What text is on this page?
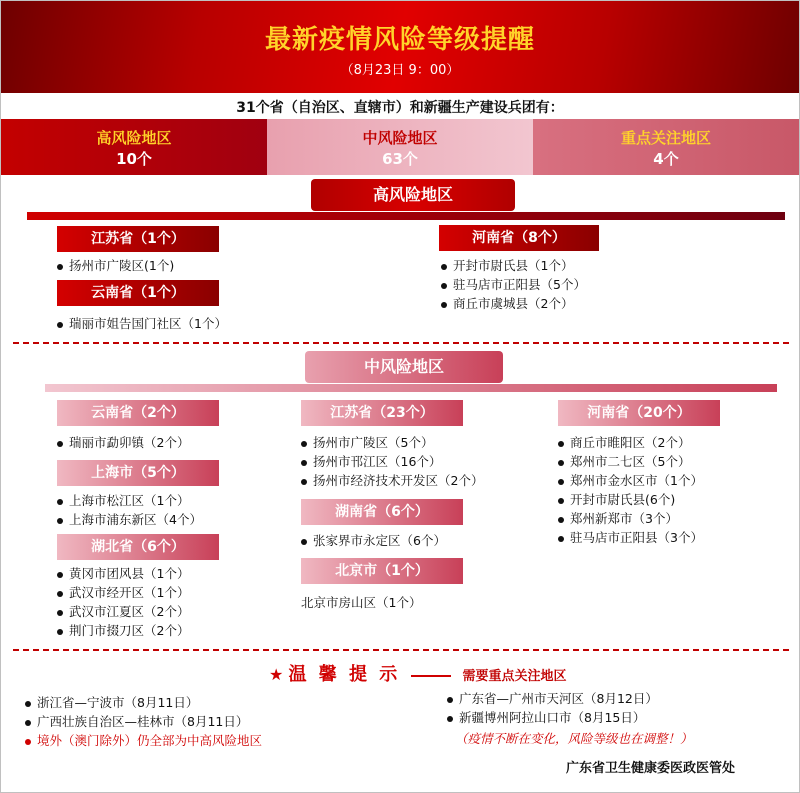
最新疫情风险等级提醒
（8月23日 9：00）
31个省（自治区、直辖市）和新疆生产建设兵团有：
高风险地区
10个
中风险地区
63个
重点关注地区
4个
高风险地区
江苏省（1个）
扬州市广陵区(1个)
云南省（1个）
瑞丽市姐告国门社区（1个）
河南省（8个）
开封市尉氏县（1个）
驻马店市正阳县（5个）
商丘市虞城县（2个）
中风险地区
云南省（2个）
瑞丽市勐卯镇（2个）
上海市（5个）
上海市松江区（1个）
上海市浦东新区（4个）
湖北省（6个）
黄冈市团风县（1个）
武汉市经开区（1个）
武汉市江夏区（2个）
荆门市掇刀区（2个）
江苏省（23个）
扬州市广陵区（5个）
扬州市邗江区（16个）
扬州市经济技术开发区（2个）
湖南省（6个）
张家界市永定区（6个）
北京市（1个）
北京市房山区（1个）
河南省（20个）
商丘市睢阳区（2个）
郑州市二七区（5个）
郑州市金水区市（1个）
开封市尉氏县(6个)
郑州新郑市（3个）
驻马店市正阳县（3个）
★ 温 馨 提 示	需要重点关注地区
浙江省—宁波市（8月11日）
广西壮族自治区—桂林市（8月11日）
境外（澳门除外）仍全部为中高风险地区
广东省—广州市天河区（8月12日）
新疆博州阿拉山口市（8月15日）
（疫情不断在变化，风险等级也在调整！）
广东省卫生健康委医政医管处
